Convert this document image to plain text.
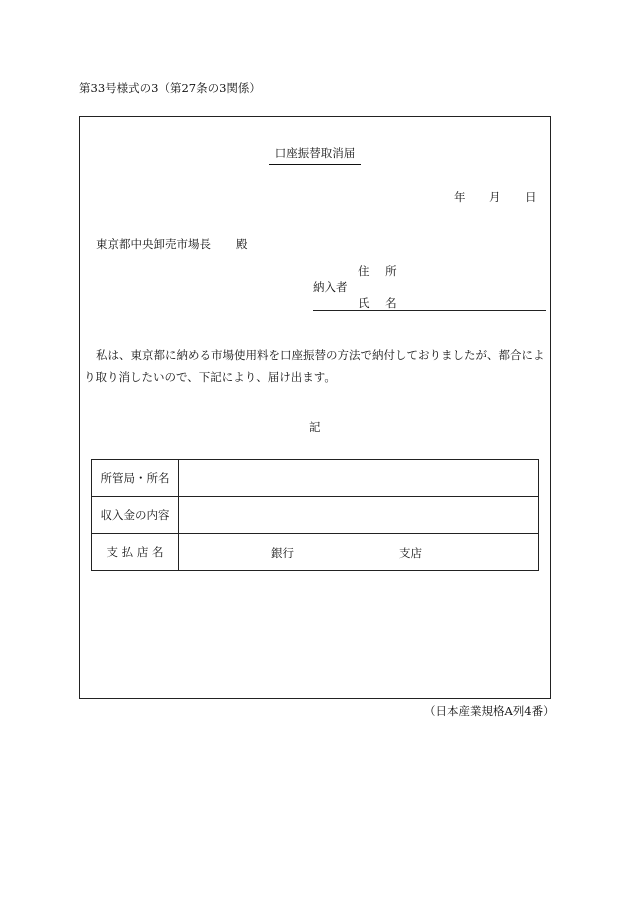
第33号様式の3（第27条の3関係）
口座振替取消届
年 月 日
東京都中央卸売市場長 殿
住 所
納入者
氏 名
私は、東京都に納める市場使用料を口座振替の方法で納付しておりましたが、都合によ
り取り消したいので、下記により、届け出ます。
記
所管局・所名	
収入金の内容	
支 払 店 名	銀行 支店
（日本産業規格A列4番）
